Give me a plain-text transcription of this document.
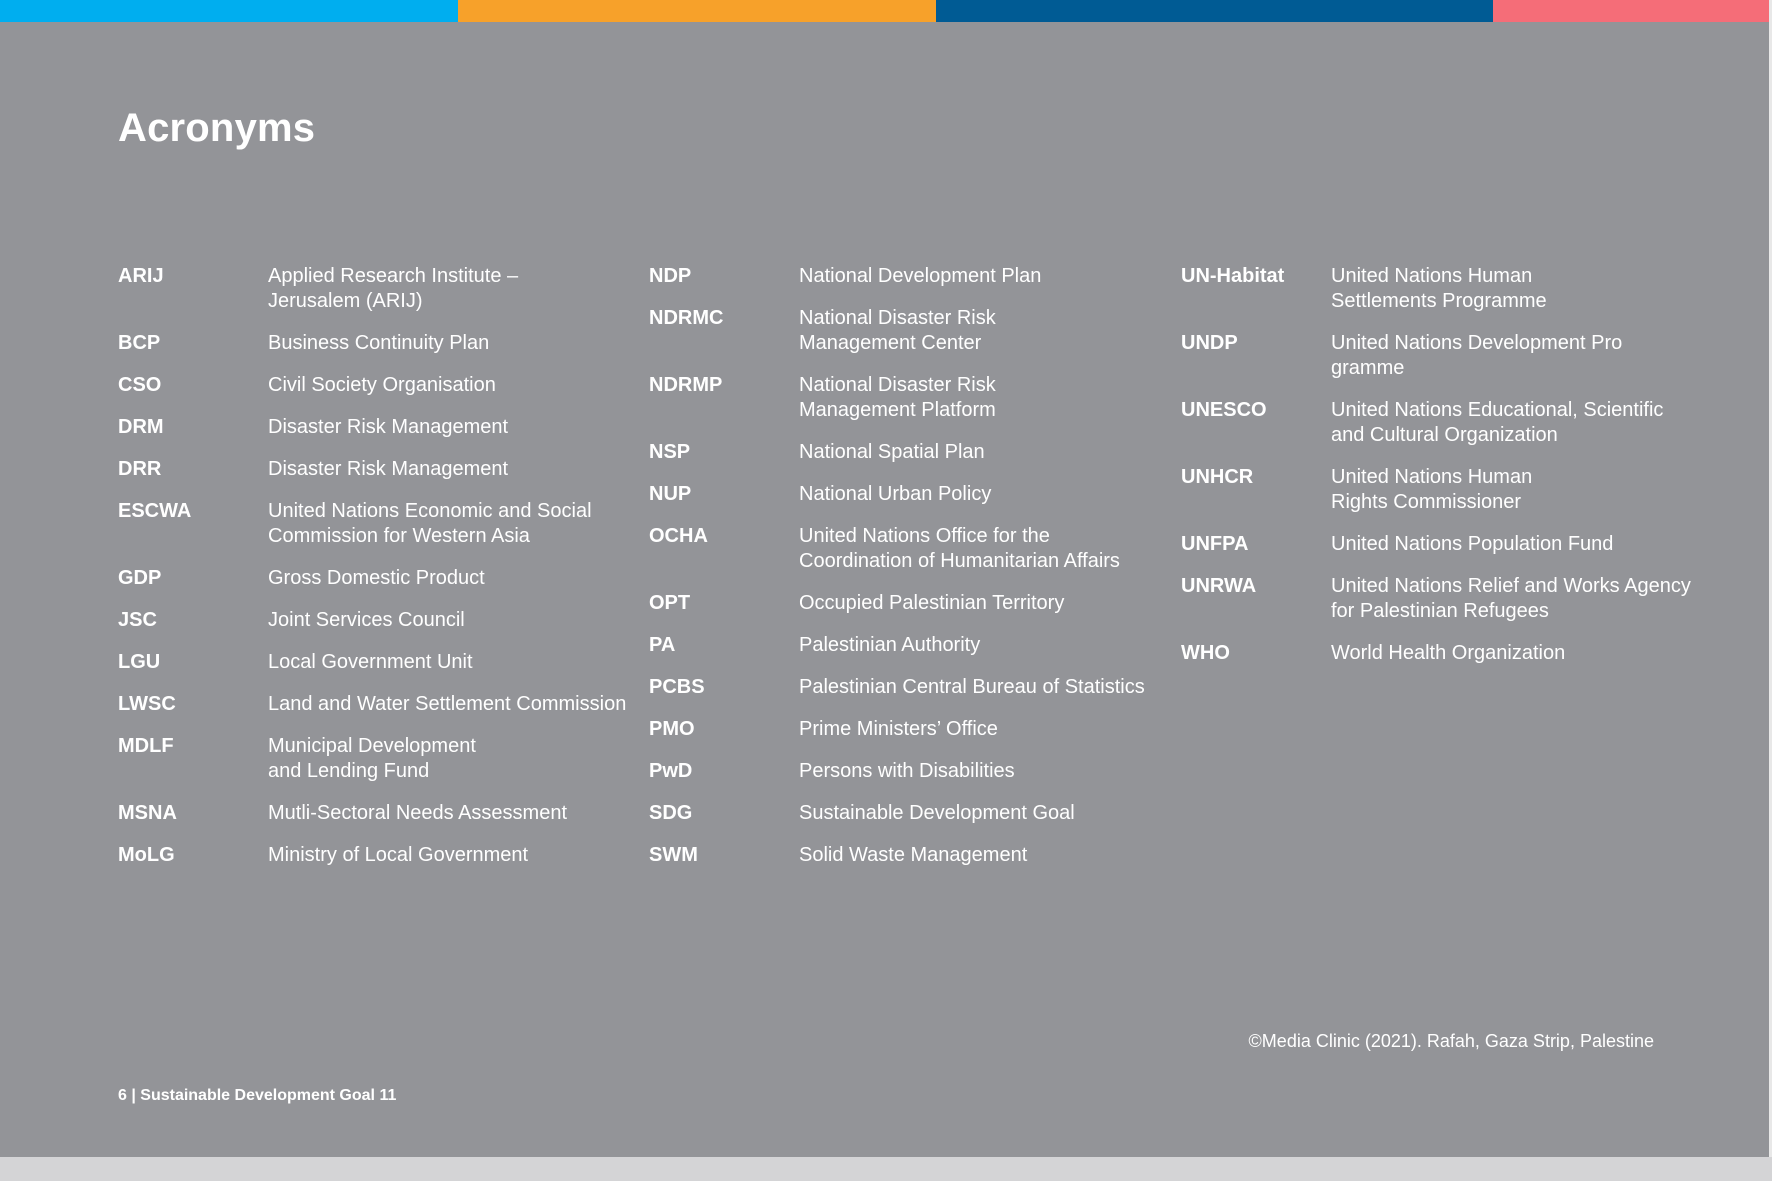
Acronyms
ARIJ	Applied Research Institute –
Jerusalem (ARIJ)
BCP	Business Continuity Plan
CSO	Civil Society Organisation
DRM	Disaster Risk Management
DRR	Disaster Risk Management
ESCWA	United Nations Economic and Social
Commission for Western Asia
GDP	Gross Domestic Product
JSC	Joint Services Council
LGU	Local Government Unit
LWSC	Land and Water Settlement Commission
MDLF	Municipal Development
and Lending Fund
MSNA	Mutli-Sectoral Needs Assessment
MoLG	Ministry of Local Government
NDP	National Development Plan
NDRMC	National Disaster Risk
Management Center
NDRMP	National Disaster Risk
Management Platform
NSP	National Spatial Plan
NUP	National Urban Policy
OCHA	United Nations Office for the
Coordination of Humanitarian Affairs
OPT	Occupied Palestinian Territory
PA	Palestinian Authority
PCBS	Palestinian Central Bureau of Statistics
PMO	Prime Ministers’ Office
PwD	Persons with Disabilities
SDG	Sustainable Development Goal
SWM	Solid Waste Management
UN-Habitat	United Nations Human
Settlements Programme
UNDP	United Nations Development Pro
gramme
UNESCO	United Nations Educational, Scientific
and Cultural Organization
UNHCR	United Nations Human
Rights Commissioner
UNFPA	United Nations Population Fund
UNRWA	United Nations Relief and Works Agency
for Palestinian Refugees
WHO	World Health Organization
©Media Clinic (2021). Rafah, Gaza Strip, Palestine
6 | Sustainable Development Goal 11
